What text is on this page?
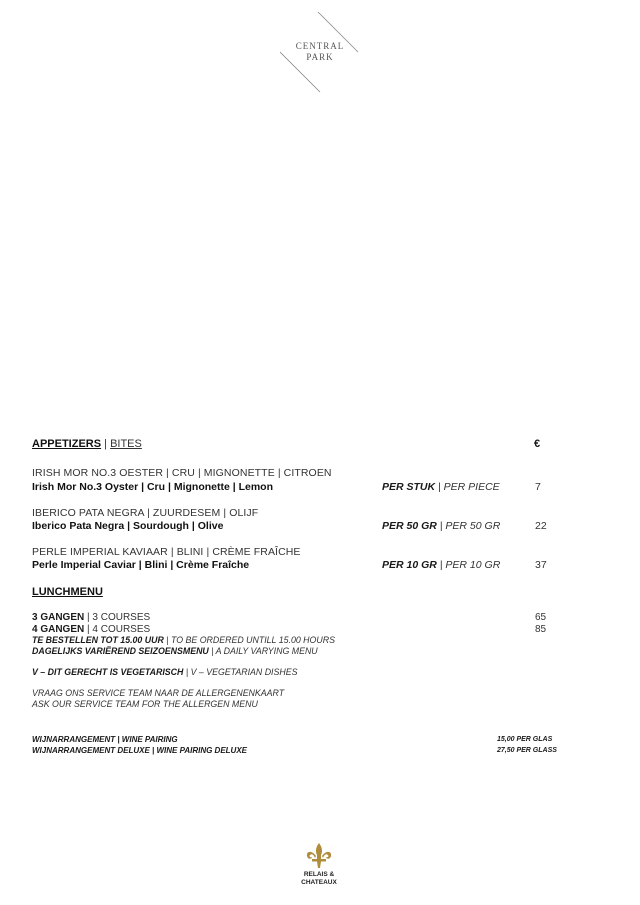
CENTRAL
PARK
APPETIZERS | BITES	€
IRISH MOR NO.3 OESTER | CRU | MIGNONETTE | CITROEN
Irish Mor No.3 Oyster | Cru | Mignonette | Lemon	PER STUK | PER PIECE	7
IBERICO PATA NEGRA | ZUURDESEM | OLIJF
Iberico Pata Negra | Sourdough | Olive	PER 50 GR | PER 50 GR	22
PERLE IMPERIAL KAVIAAR | BLINI | CRÈME FRAÎCHE
Perle Imperial Caviar | Blini | Crème Fraîche	PER 10 GR | PER 10 GR	37
LUNCHMENU
3 GANGEN | 3 COURSES	65
4 GANGEN | 4 COURSES	85
TE BESTELLEN TOT 15.00 UUR | TO BE ORDERED UNTILL 15.00 HOURS
DAGELIJKS VARIËREND SEIZOENSMENU | A DAILY VARYING MENU
V – DIT GERECHT IS VEGETARISCH | V – VEGETARIAN DISHES
VRAAG ONS SERVICE TEAM NAAR DE ALLERGENENKAART
ASK OUR SERVICE TEAM FOR THE ALLERGEN MENU
WIJNARRANGEMENT | WINE PAIRING	15,00 PER GLAS
WIJNARRANGEMENT DELUXE | WINE PAIRING DELUXE	27,50 PER GLASS
RELAIS &
CHATEAUX
